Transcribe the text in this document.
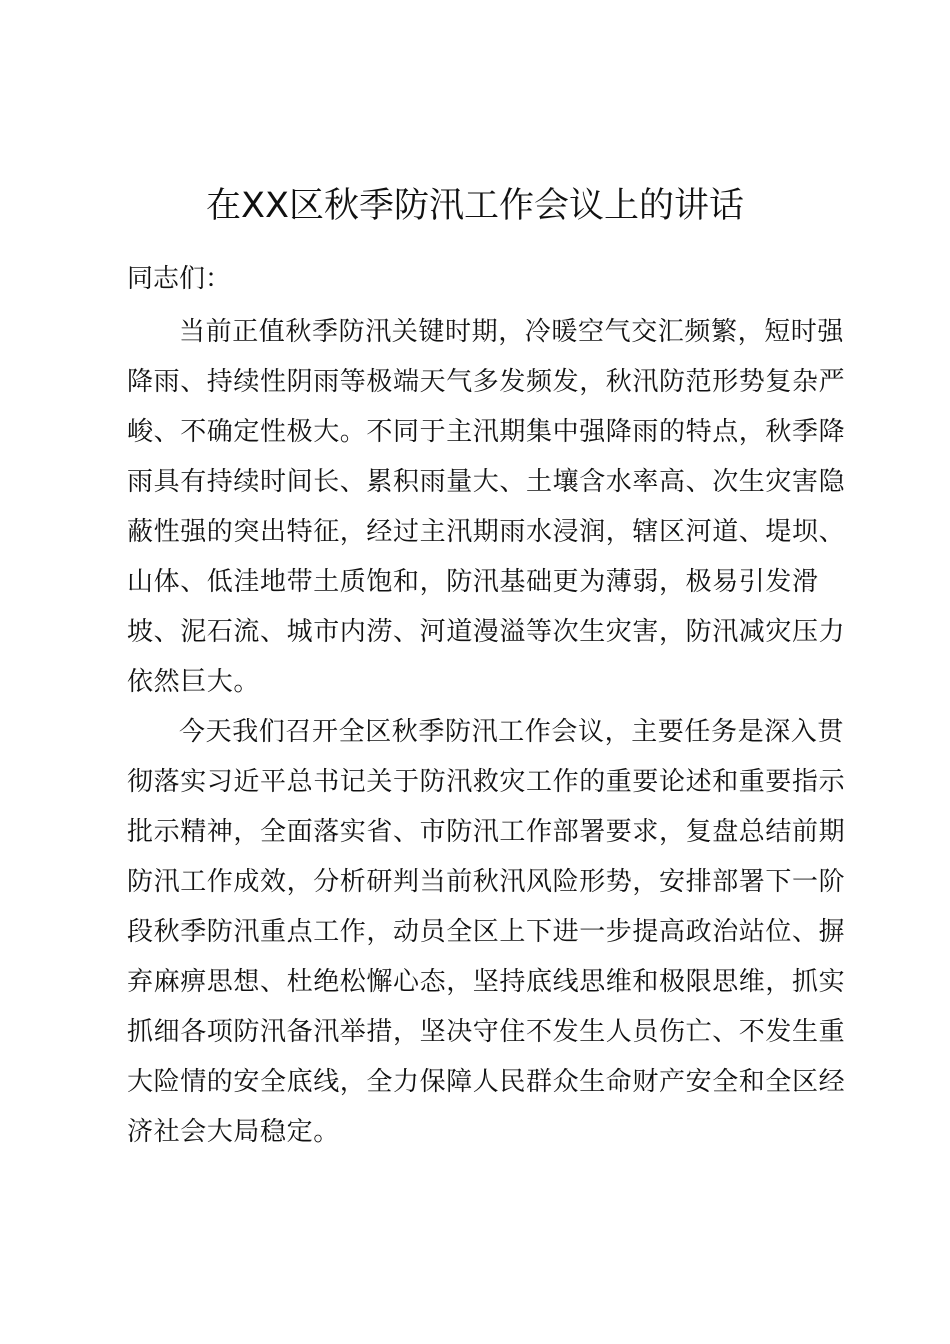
在XX区秋季防汛工作会议上的讲话

同志们：

当前正值秋季防汛关键时期，冷暖空气交汇频繁，短时强
降雨、持续性阴雨等极端天气多发频发，秋汛防范形势复杂严
峻、不确定性极大。不同于主汛期集中强降雨的特点，秋季降
雨具有持续时间长、累积雨量大、土壤含水率高、次生灾害隐
蔽性强的突出特征，经过主汛期雨水浸润，辖区河道、堤坝、
山体、低洼地带土质饱和，防汛基础更为薄弱，极易引发滑
坡、泥石流、城市内涝、河道漫溢等次生灾害，防汛减灾压力
依然巨大。
今天我们召开全区秋季防汛工作会议，主要任务是深入贯
彻落实习近平总书记关于防汛救灾工作的重要论述和重要指示
批示精神，全面落实省、市防汛工作部署要求，复盘总结前期
防汛工作成效，分析研判当前秋汛风险形势，安排部署下一阶
段秋季防汛重点工作，动员全区上下进一步提高政治站位、摒
弃麻痹思想、杜绝松懈心态，坚持底线思维和极限思维，抓实
抓细各项防汛备汛举措，坚决守住不发生人员伤亡、不发生重
大险情的安全底线，全力保障人民群众生命财产安全和全区经
济社会大局稳定。
